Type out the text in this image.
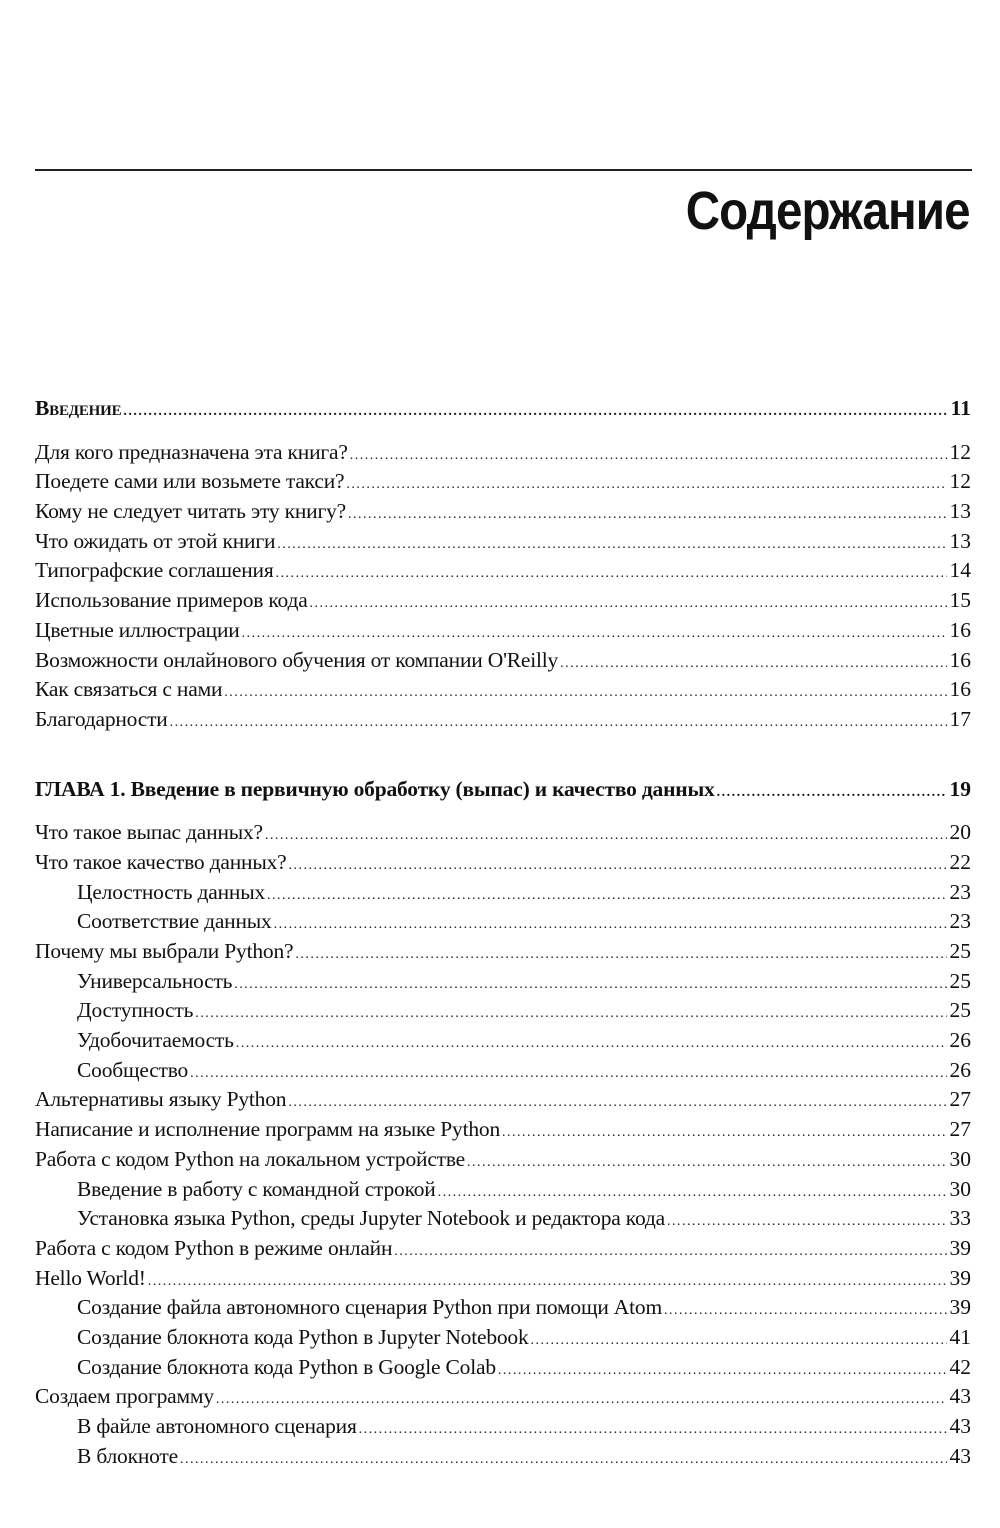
Содержание
Введение .....	11
Для кого предназначена эта книга? .....	12
Поедете сами или возьмете такси? .....	12
Кому не следует читать эту книгу? .....	13
Что ожидать от этой книги .....	13
Типографские соглашения .....	14
Использование примеров кода .....	15
Цветные иллюстрации .....	16
Возможности онлайнового обучения от компании O'Reilly .....	16
Как связаться с нами .....	16
Благодарности .....	17
ГЛАВА 1. Введение в первичную обработку (выпас) и качество данных .....	19
Что такое выпас данных? .....	20
Что такое качество данных? .....	22
Целостность данных .....	23
Соответствие данных .....	23
Почему мы выбрали Python? .....	25
Универсальность .....	25
Доступность .....	25
Удобочитаемость .....	26
Сообщество .....	26
Альтернативы языку Python .....	27
Написание и исполнение программ на языке Python .....	27
Работа с кодом Python на локальном устройстве .....	30
Введение в работу с командной строкой .....	30
Установка языка Python, среды Jupyter Notebook и редактора кода .....	33
Работа с кодом Python в режиме онлайн .....	39
Hello World! .....	39
Создание файла автономного сценария Python при помощи Atom .....	39
Создание блокнота кода Python в Jupyter Notebook .....	41
Создание блокнота кода Python в Google Colab .....	42
Создаем программу .....	43
В файле автономного сценария .....	43
В блокноте .....	43
